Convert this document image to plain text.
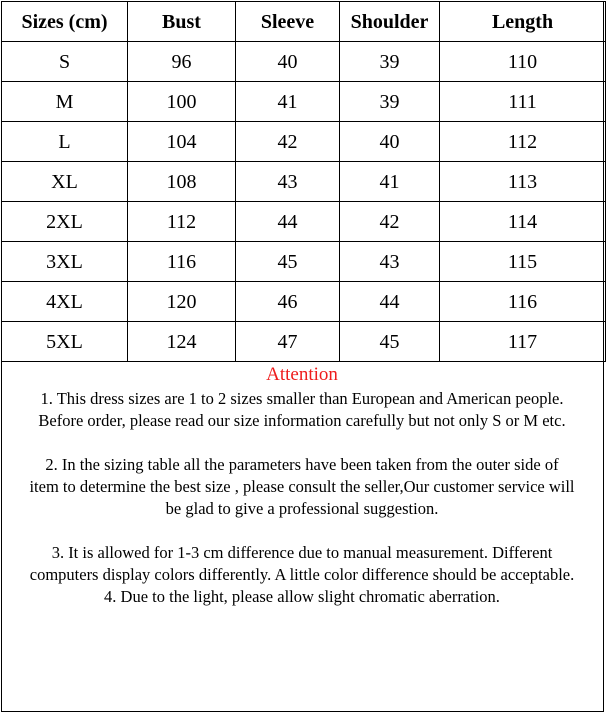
Sizes (cm)	Bust	Sleeve	Shoulder	Length
S	96	40	39	110
M	100	41	39	111
L	104	42	40	112
XL	108	43	41	113
2XL	112	44	42	114
3XL	116	45	43	115
4XL	120	46	44	116
5XL	124	47	45	117
Attention

1. This dress sizes are 1 to 2 sizes smaller than European and American people.

Before order, please read our size information carefully but not only S or M etc.

2. In the sizing table all the parameters have been taken from the outer side of

item to determine the best size , please consult the seller,Our customer service will

be glad to give a professional suggestion.

3. It is allowed for 1-3 cm difference due to manual measurement. Different

computers display colors differently. A little color difference should be acceptable.

4. Due to the light, please allow slight chromatic aberration.
